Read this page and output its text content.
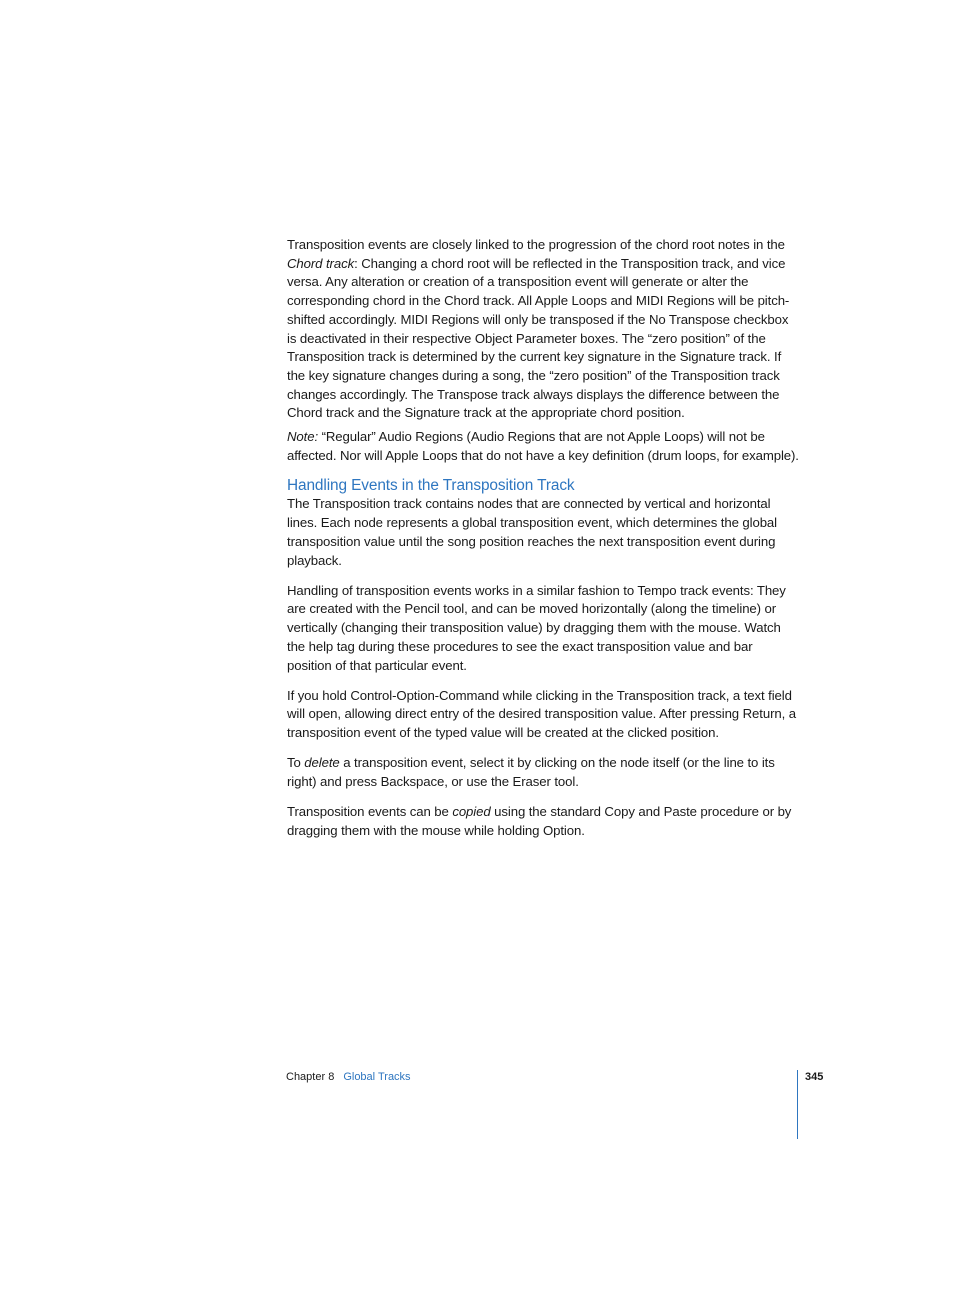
Transposition events are closely linked to the progression of the chord root notes in the Chord track: Changing a chord root will be reflected in the Transposition track, and vice versa. Any alteration or creation of a transposition event will generate or alter the corresponding chord in the Chord track. All Apple Loops and MIDI Regions will be pitch-shifted accordingly. MIDI Regions will only be transposed if the No Transpose checkbox is deactivated in their respective Object Parameter boxes. The “zero position” of the Transposition track is determined by the current key signature in the Signature track. If the key signature changes during a song, the “zero position” of the Transposition track changes accordingly. The Transpose track always displays the difference between the Chord track and the Signature track at the appropriate chord position.

Note: “Regular” Audio Regions (Audio Regions that are not Apple Loops) will not be affected. Nor will Apple Loops that do not have a key definition (drum loops, for example).

Handling Events in the Transposition Track

The Transposition track contains nodes that are connected by vertical and horizontal lines. Each node represents a global transposition event, which determines the global transposition value until the song position reaches the next transposition event during playback.

Handling of transposition events works in a similar fashion to Tempo track events: They are created with the Pencil tool, and can be moved horizontally (along the timeline) or vertically (changing their transposition value) by dragging them with the mouse. Watch the help tag during these procedures to see the exact transposition value and bar position of that particular event.

If you hold Control-Option-Command while clicking in the Transposition track, a text field will open, allowing direct entry of the desired transposition value. After pressing Return, a transposition event of the typed value will be created at the clicked position.

To delete a transposition event, select it by clicking on the node itself (or the line to its right) and press Backspace, or use the Eraser tool.

Transposition events can be copied using the standard Copy and Paste procedure or by dragging them with the mouse while holding Option.

Chapter 8 Global Tracks	345
